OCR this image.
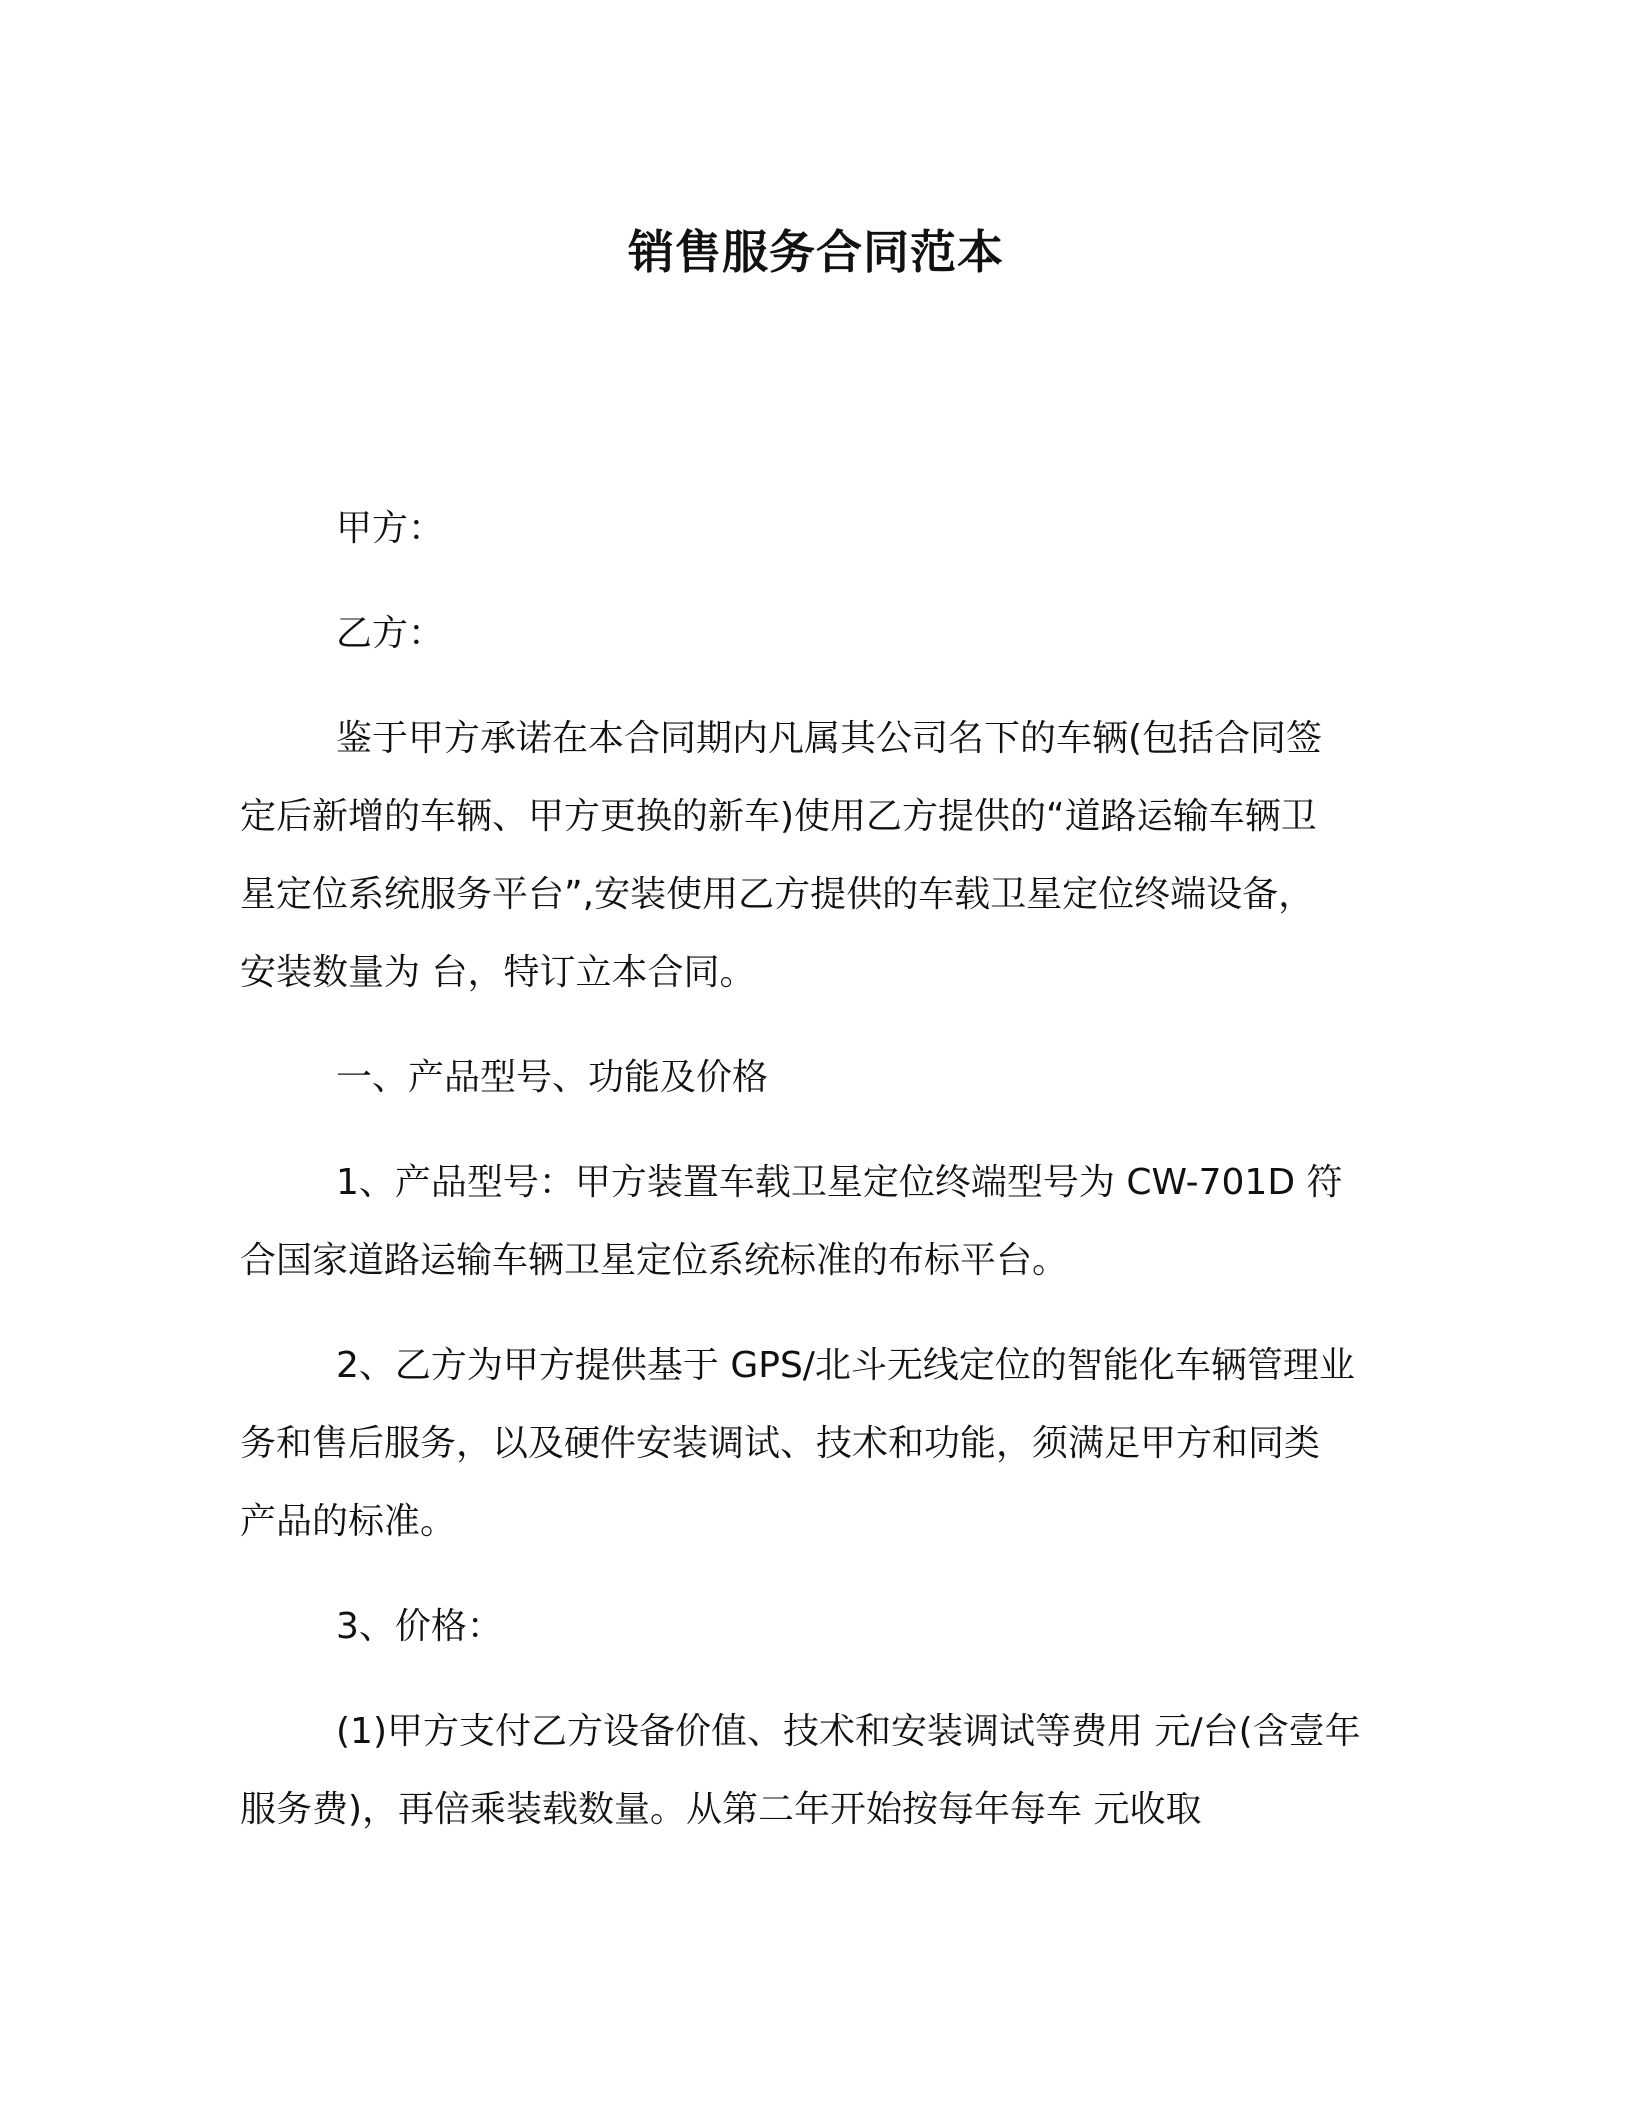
销售服务合同范本

甲方：

乙方：

鉴于甲方承诺在本合同期内凡属其公司名下的车辆(包括合同签
定后新增的车辆、甲方更换的新车)使用乙方提供的“道路运输车辆卫
星定位系统服务平台”,安装使用乙方提供的车载卫星定位终端设备，
安装数量为 台，特订立本合同。

一、产品型号、功能及价格

1、产品型号：甲方装置车载卫星定位终端型号为 CW-701D 符
合国家道路运输车辆卫星定位系统标准的布标平台。

2、乙方为甲方提供基于 GPS/北斗无线定位的智能化车辆管理业
务和售后服务，以及硬件安装调试、技术和功能，须满足甲方和同类
产品的标准。

3、价格：

(1)甲方支付乙方设备价值、技术和安装调试等费用 元/台(含壹年
服务费)，再倍乘装载数量。从第二年开始按每年每车 元收取
